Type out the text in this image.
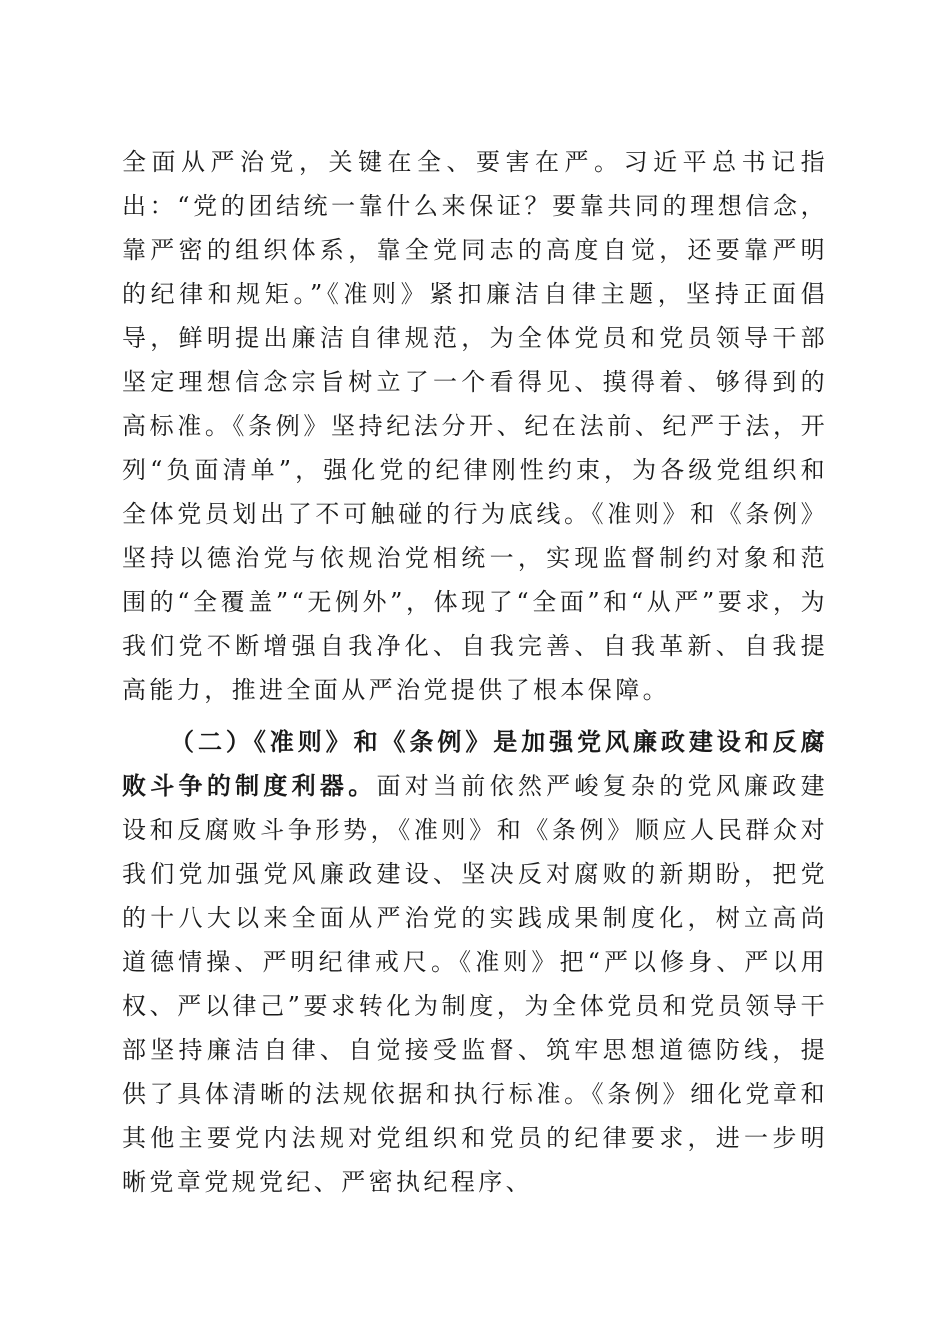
全面从严治党，关键在全、要害在严。习近平总书记指出：“党的团结统一靠什么来保证？要靠共同的理想信念，靠严密的组织体系，靠全党同志的高度自觉，还要靠严明的纪律和规矩。”《准则》紧扣廉洁自律主题，坚持正面倡导，鲜明提出廉洁自律规范，为全体党员和党员领导干部坚定理想信念宗旨树立了一个看得见、摸得着、够得到的高标准。《条例》坚持纪法分开、纪在法前、纪严于法，开列“负面清单”，强化党的纪律刚性约束，为各级党组织和全体党员划出了不可触碰的行为底线。《准则》和《条例》坚持以德治党与依规治党相统一，实现监督制约对象和范围的“全覆盖”“无例外”，体现了“全面”和“从严”要求，为我们党不断增强自我净化、自我完善、自我革新、自我提高能力，推进全面从严治党提供了根本保障。

（二）《准则》和《条例》是加强党风廉政建设和反腐败斗争的制度利器。面对当前依然严峻复杂的党风廉政建设和反腐败斗争形势，《准则》和《条例》顺应人民群众对我们党加强党风廉政建设、坚决反对腐败的新期盼，把党的十八大以来全面从严治党的实践成果制度化，树立高尚道德情操、严明纪律戒尺。《准则》把“严以修身、严以用权、严以律己”要求转化为制度，为全体党员和党员领导干部坚持廉洁自律、自觉接受监督、筑牢思想道德防线，提供了具体清晰的法规依据和执行标准。《条例》细化党章和其他主要党内法规对党组织和党员的纪律要求，进一步明晰党章党规党纪、严密执纪程序、
